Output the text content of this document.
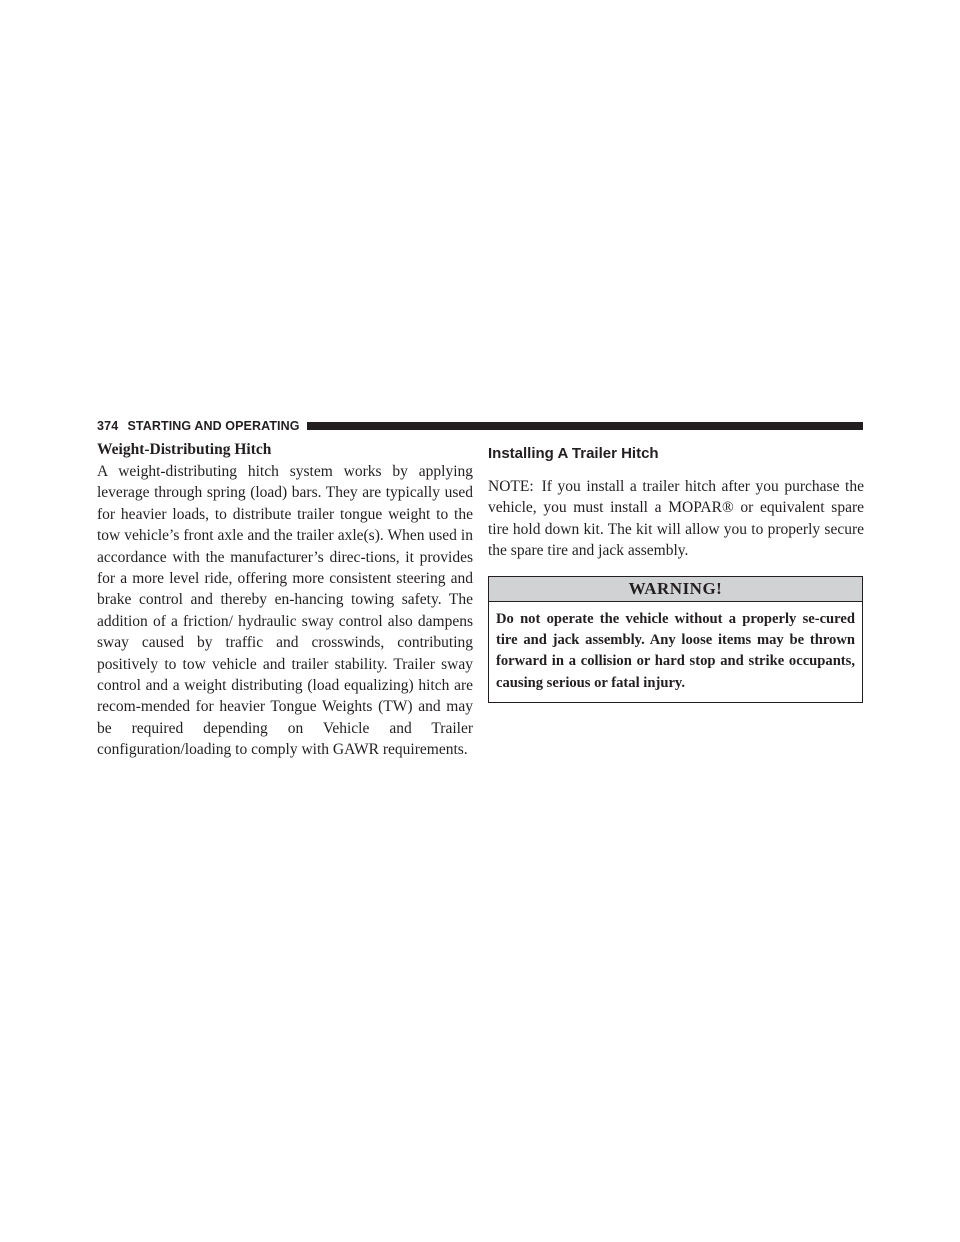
374 STARTING AND OPERATING
Weight-Distributing Hitch

A weight-distributing hitch system works by applying leverage through spring (load) bars. They are typically used for heavier loads, to distribute trailer tongue weight to the tow vehicle’s front axle and the trailer axle(s). When used in accordance with the manufacturer’s direc-tions, it provides for a more level ride, offering more consistent steering and brake control and thereby en-hancing towing safety. The addition of a friction/ hydraulic sway control also dampens sway caused by traffic and crosswinds, contributing positively to tow vehicle and trailer stability. Trailer sway control and a weight distributing (load equalizing) hitch are recom-mended for heavier Tongue Weights (TW) and may be required depending on Vehicle and Trailer configuration/loading to comply with GAWR requirements.

Installing A Trailer Hitch

NOTE: If you install a trailer hitch after you purchase the vehicle, you must install a MOPAR® or equivalent spare tire hold down kit. The kit will allow you to properly secure the spare tire and jack assembly.

WARNING!
Do not operate the vehicle without a properly se-cured tire and jack assembly. Any loose items may be thrown forward in a collision or hard stop and strike occupants, causing serious or fatal injury.
